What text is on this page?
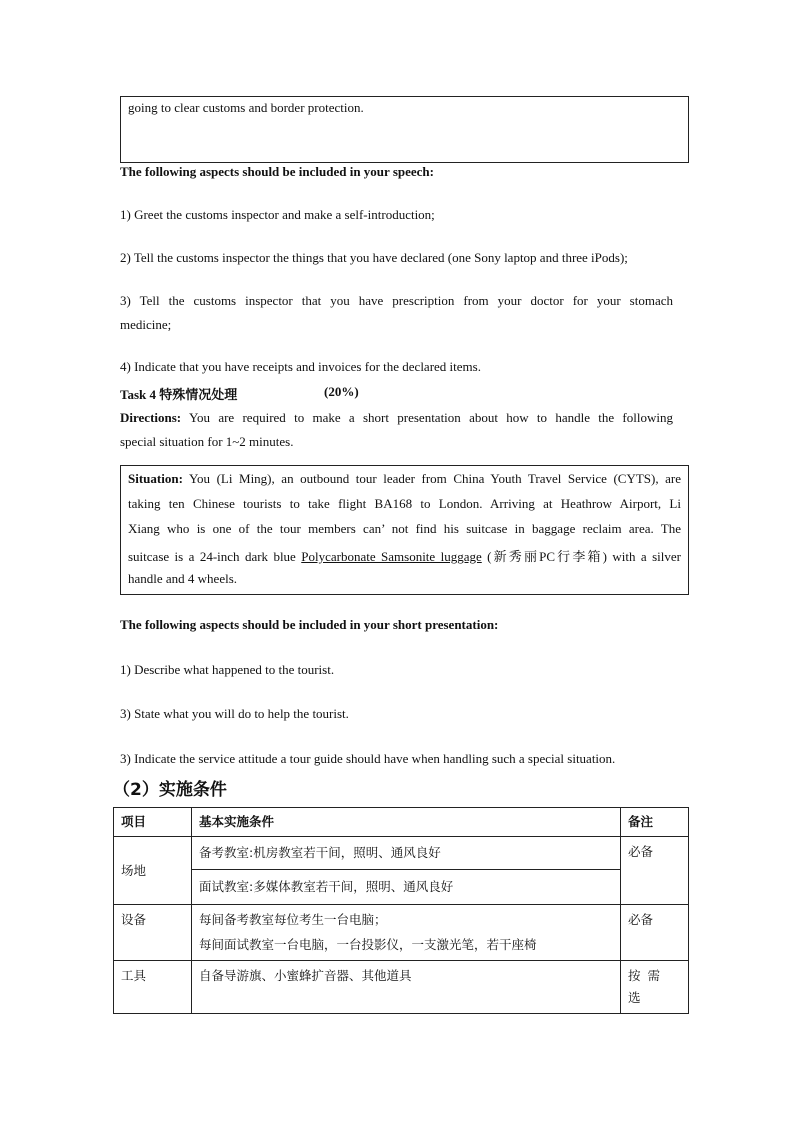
going to clear customs and border protection.
The following aspects should be included in your speech:
1) Greet the customs inspector and make a self-introduction;
2) Tell the customs inspector the things that you have declared (one Sony laptop and three iPods);
3) Tell the customs inspector that you have prescription from your doctor for your stomach
medicine;
4) Indicate that you have receipts and invoices for the declared items.
Task 4 特殊情况处理	(20%)
Directions: You are required to make a short presentation about how to handle the following
special situation for 1~2 minutes.
Situation: You (Li Ming), an outbound tour leader from China Youth Travel Service (CYTS), are
taking ten Chinese tourists to take flight BA168 to London. Arriving at Heathrow Airport, Li
Xiang who is one of the tour members can’ not find his suitcase in baggage reclaim area. The
suitcase is a 24-inch dark blue Polycarbonate Samsonite luggage (新秀丽PC行李箱) with a silver
handle and 4 wheels.
The following aspects should be included in your short presentation:
1) Describe what happened to the tourist.
3) State what you will do to help the tourist.
3) Indicate the service attitude a tour guide should have when handling such a special situation.
（2）实施条件
项目	基本实施条件	备注
场地	备考教室:机房教室若干间，照明、通风良好	必备
	面试教室:多媒体教室若干间，照明、通风良好	
设备	每间备考教室每位考生一台电脑；
每间面试教室一台电脑，一台投影仪，一支激光笔，若干座椅	必备
工具	自备导游旗、小蜜蜂扩音器、其他道具	按需选
